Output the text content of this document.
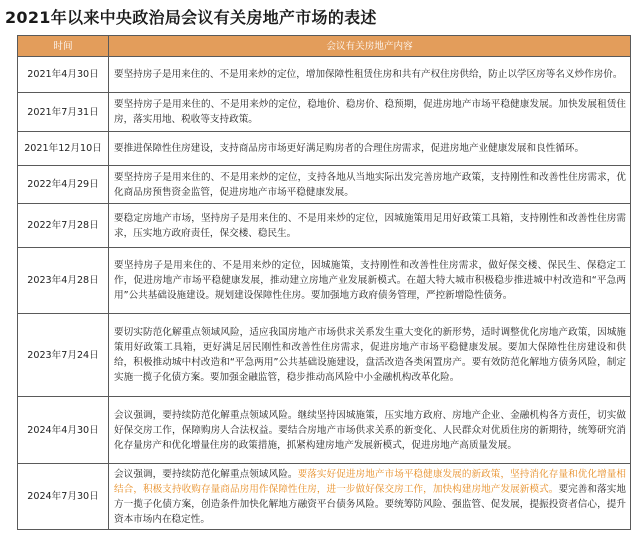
2021年以来中央政治局会议有关房地产市场的表述
时间	会议有关房地产内容
2021年4月30日	要坚持房子是用来住的、不是用来炒的定位，增加保障性租赁住房和共有产权住房供给，防止以学区房等名义炒作房价。
2021年7月31日	要坚持房子是用来住的、不是用来炒的定位，稳地价、稳房价、稳预期，促进房地产市场平稳健康发展。加快发展租赁住房，落实用地、税收等支持政策。
2021年12月10日	要推进保障性住房建设，支持商品房市场更好满足购房者的合理住房需求，促进房地产业健康发展和良性循环。
2022年4月29日	要坚持房子是用来住的、不是用来炒的定位，支持各地从当地实际出发完善房地产政策，支持刚性和改善性住房需求，优化商品房预售资金监管，促进房地产市场平稳健康发展。
2022年7月28日	要稳定房地产市场，坚持房子是用来住的、不是用来炒的定位，因城施策用足用好政策工具箱，支持刚性和改善性住房需求，压实地方政府责任，保交楼、稳民生。
2023年4月28日	要坚持房子是用来住的、不是用来炒的定位，因城施策，支持刚性和改善性住房需求，做好保交楼、保民生、保稳定工作，促进房地产市场平稳健康发展，推动建立房地产业发展新模式。在超大特大城市积极稳步推进城中村改造和“平急两用”公共基础设施建设。规划建设保障性住房。要加强地方政府债务管理，严控新增隐性债务。
2023年7月24日	要切实防范化解重点领域风险，适应我国房地产市场供求关系发生重大变化的新形势，适时调整优化房地产政策，因城施策用好政策工具箱，更好满足居民刚性和改善性住房需求，促进房地产市场平稳健康发展。要加大保障性住房建设和供给，积极推动城中村改造和“平急两用”公共基础设施建设，盘活改造各类闲置房产。要有效防范化解地方债务风险，制定实施一揽子化债方案。要加强金融监管，稳步推动高风险中小金融机构改革化险。
2024年4月30日	会议强调，要持续防范化解重点领域风险。继续坚持因城施策，压实地方政府、房地产企业、金融机构各方责任，切实做好保交房工作，保障购房人合法权益。要结合房地产市场供求关系的新变化、人民群众对优质住房的新期待，统筹研究消化存量房产和优化增量住房的政策措施，抓紧构建房地产发展新模式，促进房地产高质量发展。
2024年7月30日	会议强调，要持续防范化解重点领域风险。要落实好促进房地产市场平稳健康发展的新政策，坚持消化存量和优化增量相结合，积极支持收购存量商品房用作保障性住房，进一步做好保交房工作，加快构建房地产发展新模式。要完善和落实地方一揽子化债方案，创造条件加快化解地方融资平台债务风险。要统筹防风险、强监管、促发展，提振投资者信心，提升资本市场内在稳定性。
